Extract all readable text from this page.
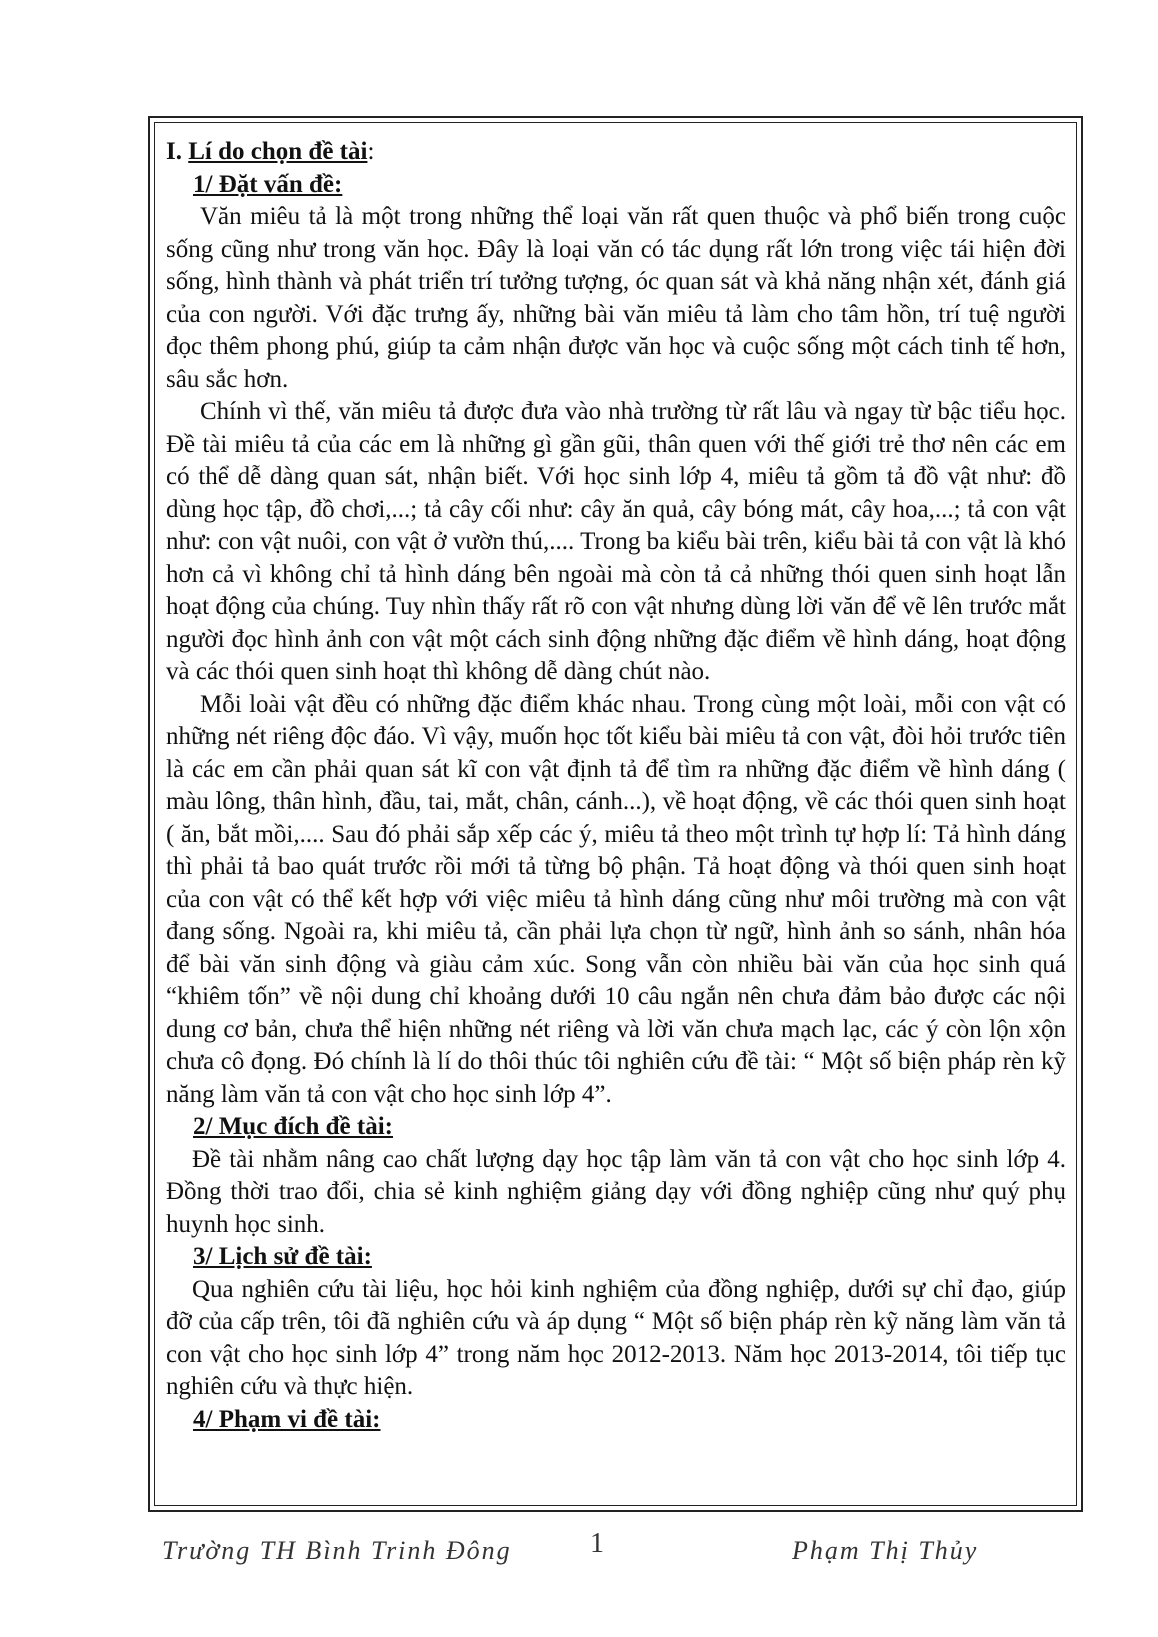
I. Lí do chọn đề tài:

1/ Đặt vấn đề:

Văn miêu tả là một trong những thể loại văn rất quen thuộc và phổ biến trong cuộc sống cũng như trong văn học. Đây là loại văn có tác dụng rất lớn trong việc tái hiện đời sống, hình thành và phát triển trí tưởng tượng, óc quan sát và khả năng nhận xét, đánh giá của con người. Với đặc trưng ấy, những bài văn miêu tả làm cho tâm hồn, trí tuệ người đọc thêm phong phú, giúp ta cảm nhận được văn học và cuộc sống một cách tinh tế hơn, sâu sắc hơn.

Chính vì thế, văn miêu tả được đưa vào nhà trường từ rất lâu và ngay từ bậc tiểu học. Đề tài miêu tả của các em là những gì gần gũi, thân quen với thế giới trẻ thơ nên các em có thể dễ dàng quan sát, nhận biết. Với học sinh lớp 4, miêu tả gồm tả đồ vật như: đồ dùng học tập, đồ chơi,...; tả cây cối như: cây ăn quả, cây bóng mát, cây hoa,...; tả con vật như: con vật nuôi, con vật ở vườn thú,.... Trong ba kiểu bài trên, kiểu bài tả con vật là khó hơn cả vì không chỉ tả hình dáng bên ngoài mà còn tả cả những thói quen sinh hoạt lẫn hoạt động của chúng. Tuy nhìn thấy rất rõ con vật nhưng dùng lời văn để vẽ lên trước mắt người đọc hình ảnh con vật một cách sinh động những đặc điểm về hình dáng, hoạt động và các thói quen sinh hoạt thì không dễ dàng chút nào.

Mỗi loài vật đều có những đặc điểm khác nhau. Trong cùng một loài, mỗi con vật có những nét riêng độc đáo. Vì vậy, muốn học tốt kiểu bài miêu tả con vật, đòi hỏi trước tiên là các em cần phải quan sát kĩ con vật định tả để tìm ra những đặc điểm về hình dáng ( màu lông, thân hình, đầu, tai, mắt, chân, cánh...), về hoạt động, về các thói quen sinh hoạt ( ăn, bắt mồi,.... Sau đó phải sắp xếp các ý, miêu tả theo một trình tự hợp lí: Tả hình dáng thì phải tả bao quát trước rồi mới tả từng bộ phận. Tả hoạt động và thói quen sinh hoạt của con vật có thể kết hợp với việc miêu tả hình dáng cũng như môi trường mà con vật đang sống. Ngoài ra, khi miêu tả, cần phải lựa chọn từ ngữ, hình ảnh so sánh, nhân hóa để bài văn sinh động và giàu cảm xúc. Song vẫn còn nhiều bài văn của học sinh quá “khiêm tốn” về nội dung chỉ khoảng dưới 10 câu ngắn nên chưa đảm bảo được các nội dung cơ bản, chưa thể hiện những nét riêng và lời văn chưa mạch lạc, các ý còn lộn xộn chưa cô đọng. Đó chính là lí do thôi thúc tôi nghiên cứu đề tài: “ Một số biện pháp rèn kỹ năng làm văn tả con vật cho học sinh lớp 4”.

2/ Mục đích đề tài:

Đề tài nhằm nâng cao chất lượng dạy học tập làm văn tả con vật cho học sinh lớp 4. Đồng thời trao đổi, chia sẻ kinh nghiệm giảng dạy với đồng nghiệp cũng như quý phụ huynh học sinh.

3/ Lịch sử đề tài:

Qua nghiên cứu tài liệu, học hỏi kinh nghiệm của đồng nghiệp, dưới sự chỉ đạo, giúp đỡ của cấp trên, tôi đã nghiên cứu và áp dụng “ Một số biện pháp rèn kỹ năng làm văn tả con vật cho học sinh lớp 4” trong năm học 2012-2013. Năm học 2013-2014, tôi tiếp tục nghiên cứu và thực hiện.

4/ Phạm vi đề tài:

Trường TH Bình Trinh Đông	1	Phạm Thị Thủy
